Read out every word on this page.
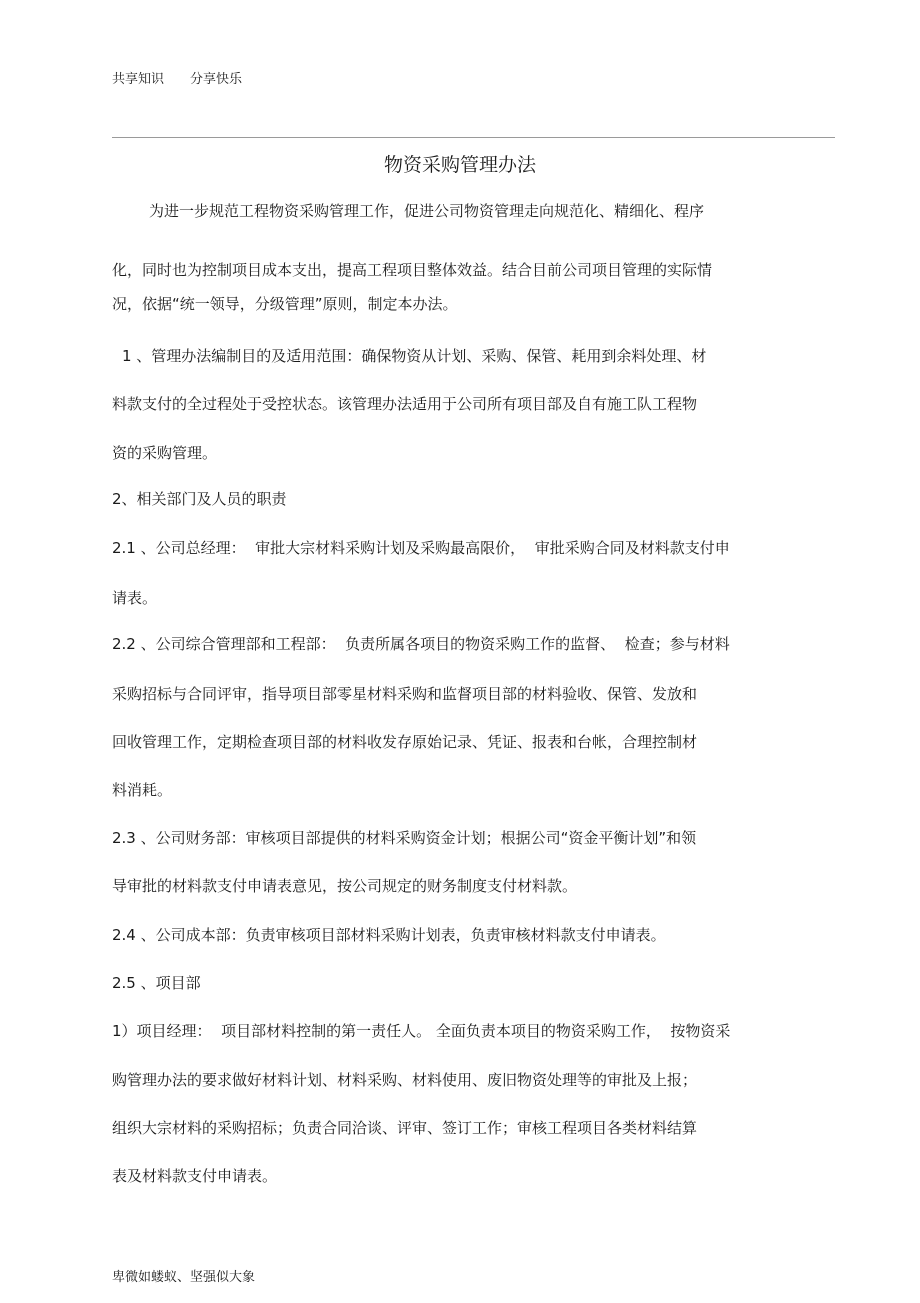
共享知识　　分享快乐
物资采购管理办法
为进一步规范工程物资采购管理工作，促进公司物资管理走向规范化、精细化、程序
化，同时也为控制项目成本支出，提高工程项目整体效益。结合目前公司项目管理的实际情
况，依据“统一领导，分级管理”原则，制定本办法。
1 、管理办法编制目的及适用范围：确保物资从计划、采购、保管、耗用到余料处理、材
料款支付的全过程处于受控状态。该管理办法适用于公司所有项目部及自有施工队工程物
资的采购管理。
2、相关部门及人员的职责
2.1 、公司总经理：  审批大宗材料采购计划及采购最高限价，  审批采购合同及材料款支付申
请表。
2.2 、公司综合管理部和工程部：  负责所属各项目的物资采购工作的监督、  检查；参与材料
采购招标与合同评审，指导项目部零星材料采购和监督项目部的材料验收、保管、发放和
回收管理工作，定期检查项目部的材料收发存原始记录、凭证、报表和台帐，合理控制材
料消耗。
2.3 、公司财务部：审核项目部提供的材料采购资金计划；根据公司“资金平衡计划”和领
导审批的材料款支付申请表意见，按公司规定的财务制度支付材料款。
2.4 、公司成本部：负责审核项目部材料采购计划表，负责审核材料款支付申请表。
2.5 、项目部
1）项目经理：  项目部材料控制的第一责任人。 全面负责本项目的物资采购工作，  按物资采
购管理办法的要求做好材料计划、材料采购、材料使用、废旧物资处理等的审批及上报；
组织大宗材料的采购招标；负责合同洽谈、评审、签订工作；审核工程项目各类材料结算
表及材料款支付申请表。
卑微如蝼蚁、坚强似大象
